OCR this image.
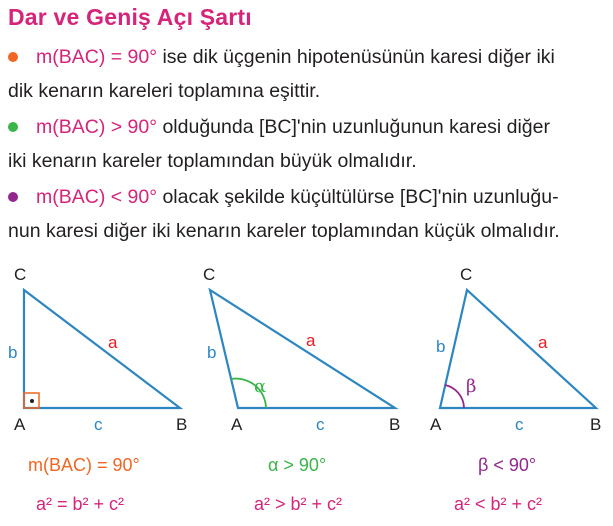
Dar ve Geniş Açı Şartı
m(BAC) = 90° ise dik üçgenin hipotenüsünün karesi diğer iki
dik kenarın kareleri toplamına eşittir.
m(BAC) > 90° olduğunda [BC]'nin uzunluğunun karesi diğer
iki kenarın kareler toplamından büyük olmalıdır.
m(BAC) < 90° olacak şekilde küçültülürse [BC]'nin uzunluğu-
nun karesi diğer iki kenarın kareler toplamından küçük olmalıdır.
C
A	B
b
c
a
C
A	B
b
c
a
α
C
A	B
b
c
a
β
m(BAC) = 90°	α > 90°	β < 90°
a² = b² + c²	a² > b² + c²	a² < b² + c²
